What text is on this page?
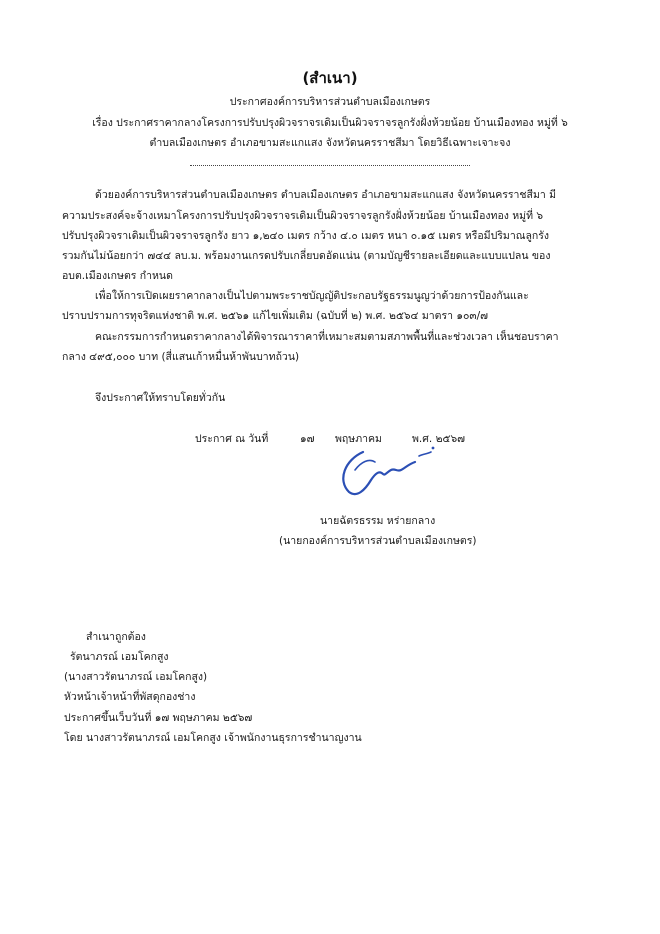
(สำเนา)
ประกาศองค์การบริหารส่วนตำบลเมืองเกษตร
เรื่อง ประกาศราคากลางโครงการปรับปรุงผิวจราจรเดิมเป็นผิวจราจรลูกรังฝั่งห้วยน้อย บ้านเมืองทอง หมู่ที่ ๖
ตำบลเมืองเกษตร อำเภอขามสะแกแสง จังหวัดนครราชสีมา โดยวิธีเฉพาะเจาะจง
ด้วยองค์การบริหารส่วนตำบลเมืองเกษตร ตำบลเมืองเกษตร อำเภอขามสะแกแสง จังหวัดนครราชสีมา มี
ความประสงค์จะจ้างเหมาโครงการปรับปรุงผิวจราจรเดิมเป็นผิวจราจรลูกรังฝั่งห้วยน้อย บ้านเมืองทอง หมู่ที่ ๖
ปรับปรุงผิวจราเดิมเป็นผิวจราจรลูกรัง ยาว ๑,๒๔๐ เมตร กว้าง ๔.๐ เมตร หนา ๐.๑๕ เมตร หรือมีปริมาณลูกรัง
รวมกันไม่น้อยกว่า ๗๔๔ ลบ.ม. พร้อมงานเกรดปรับเกลี่ยบดอัดแน่น (ตามบัญชีรายละเอียดและแบบแปลน ของ
อบต.เมืองเกษตร กำหนด
เพื่อให้การเปิดเผยราคากลางเป็นไปตามพระราชบัญญัติประกอบรัฐธรรมนูญว่าด้วยการป้องกันและ
ปราบปรามการทุจริตแห่งชาติ พ.ศ. ๒๕๖๑ แก้ไขเพิ่มเติม (ฉบับที่ ๒) พ.ศ. ๒๕๖๔ มาตรา ๑๐๓/๗
คณะกรรมการกำหนดราคากลางได้พิจารณาราคาที่เหมาะสมตามสภาพพื้นที่และช่วงเวลา เห็นชอบราคา
กลาง ๔๙๕,๐๐๐ บาท (สี่แสนเก้าหมื่นห้าพันบาทถ้วน)
จึงประกาศให้ทราบโดยทั่วกัน
ประกาศ ณ วันที่	๑๗ พฤษภาคม	พ.ศ. ๒๕๖๗
นายฉัตรธรรม หร่ายกลาง
(นายกองค์การบริหารส่วนตำบลเมืองเกษตร)
สำเนาถูกต้อง
รัตนาภรณ์ เอมโคกสูง
(นางสาวรัตนาภรณ์ เอมโคกสูง)
หัวหน้าเจ้าหน้าที่พัสดุกองช่าง
ประกาศขึ้นเว็บวันที่ ๑๗ พฤษภาคม ๒๕๖๗
โดย นางสาวรัตนาภรณ์ เอมโคกสูง เจ้าพนักงานธุรการชำนาญงาน
